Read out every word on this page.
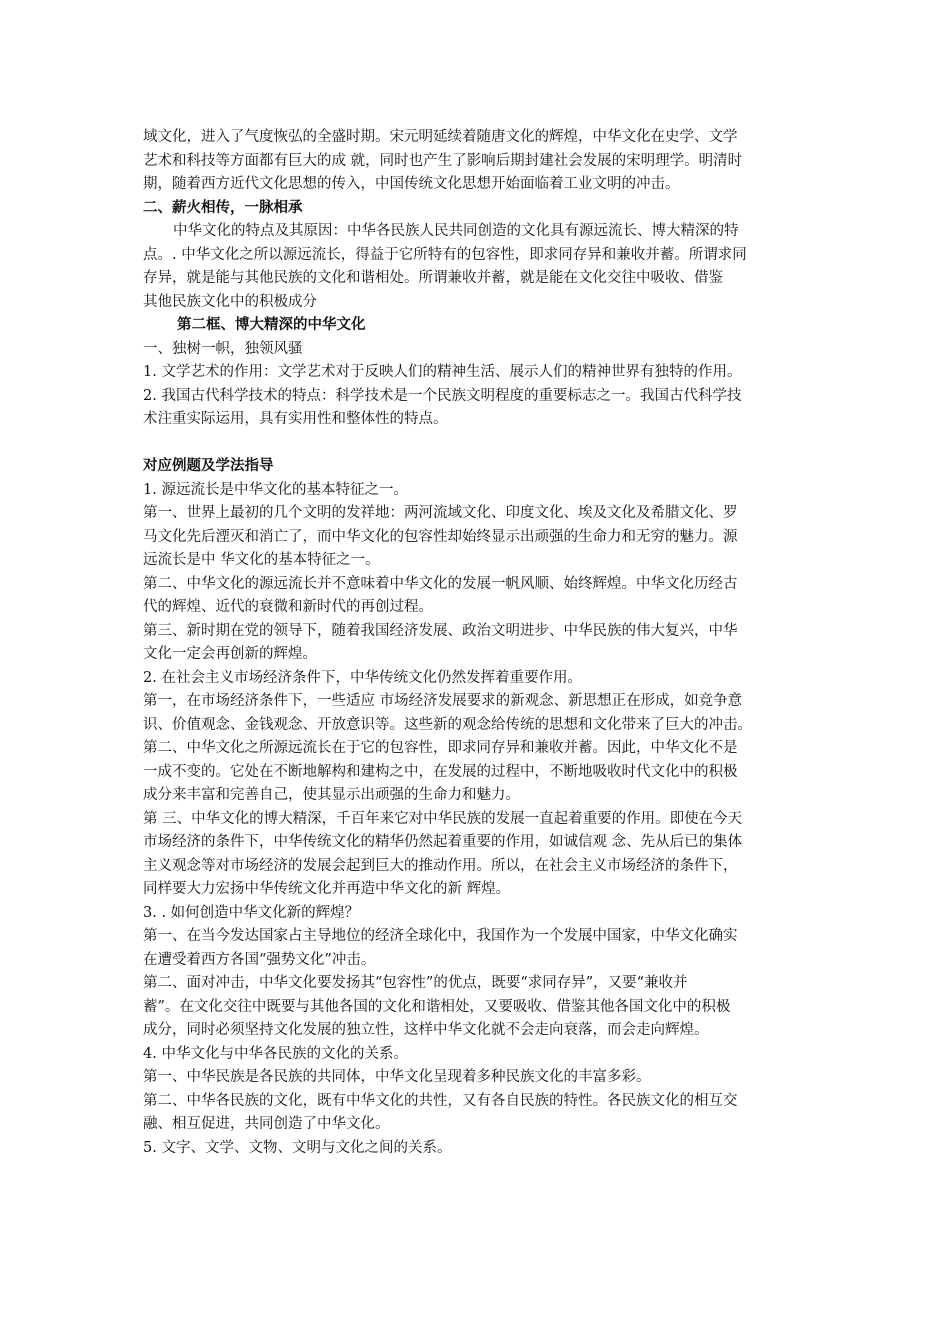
域文化，进入了气度恢弘的全盛时期。宋元明延续着随唐文化的辉煌，中华文化在史学、文学
艺术和科技等方面都有巨大的成 就，同时也产生了影响后期封建社会发展的宋明理学。明清时
期，随着西方近代文化思想的传入，中国传统文化思想开始面临着工业文明的冲击。
二、薪火相传，一脉相承
中华文化的特点及其原因：中华各民族人民共同创造的文化具有源远流长、博大精深的特
点。. 中华文化之所以源远流长，得益于它所特有的包容性，即求同存异和兼收并蓄。所谓求同
存异，就是能与其他民族的文化和谐相处。所谓兼收并蓄，就是能在文化交往中吸收、借鉴
其他民族文化中的积极成分
第二框、博大精深的中华文化
一、独树一帜，独领风骚
1. 文学艺术的作用：文学艺术对于反映人们的精神生活、展示人们的精神世界有独特的作用。
2. 我国古代科学技术的特点：科学技术是一个民族文明程度的重要标志之一。我国古代科学技
术注重实际运用，具有实用性和整体性的特点。
对应例题及学法指导
1. 源远流长是中华文化的基本特征之一。
第一、世界上最初的几个文明的发祥地：两河流域文化、印度文化、埃及文化及希腊文化、罗
马文化先后湮灭和消亡了，而中华文化的包容性却始终显示出顽强的生命力和无穷的魅力。源
远流长是中 华文化的基本特征之一。
第二、中华文化的源远流长并不意味着中华文化的发展一帆风顺、始终辉煌。中华文化历经古
代的辉煌、近代的衰微和新时代的再创过程。
第三、新时期在党的领导下，随着我国经济发展、政治文明进步、中华民族的伟大复兴，中华
文化一定会再创新的辉煌。
2. 在社会主义市场经济条件下，中华传统文化仍然发挥着重要作用。
第一，在市场经济条件下，一些适应 市场经济发展要求的新观念、新思想正在形成，如竞争意
识、价值观念、金钱观念、开放意识等。这些新的观念给传统的思想和文化带来了巨大的冲击。
第二、中华文化之所源远流长在于它的包容性，即求同存异和兼收并蓄。因此，中华文化不是
一成不变的。它处在不断地解构和建构之中，在发展的过程中，不断地吸收时代文化中的积极
成分来丰富和完善自己，使其显示出顽强的生命力和魅力。
第 三、中华文化的博大精深，千百年来它对中华民族的发展一直起着重要的作用。即使在今天
市场经济的条件下，中华传统文化的精华仍然起着重要的作用，如诚信观 念、先从后已的集体
主义观念等对市场经济的发展会起到巨大的推动作用。所以，在社会主义市场经济的条件下，
同样要大力宏扬中华传统文化并再造中华文化的新 辉煌。
3. . 如何创造中华文化新的辉煌？
第一、在当今发达国家占主导地位的经济全球化中，我国作为一个发展中国家，中华文化确实
在遭受着西方各国“强势文化”冲击。
第二、面对冲击，中华文化要发扬其“包容性”的优点，既要“求同存异”，又要“兼收并
蓄”。在文化交往中既要与其他各国的文化和谐相处，又要吸收、借鉴其他各国文化中的积极
成分，同时必须坚持文化发展的独立性，这样中华文化就不会走向衰落，而会走向辉煌。
4. 中华文化与中华各民族的文化的关系。
第一、中华民族是各民族的共同体，中华文化呈现着多种民族文化的丰富多彩。
第二、中华各民族的文化，既有中华文化的共性，又有各自民族的特性。各民族文化的相互交
融、相互促进，共同创造了中华文化。
5. 文字、文学、文物、文明与文化之间的关系。
